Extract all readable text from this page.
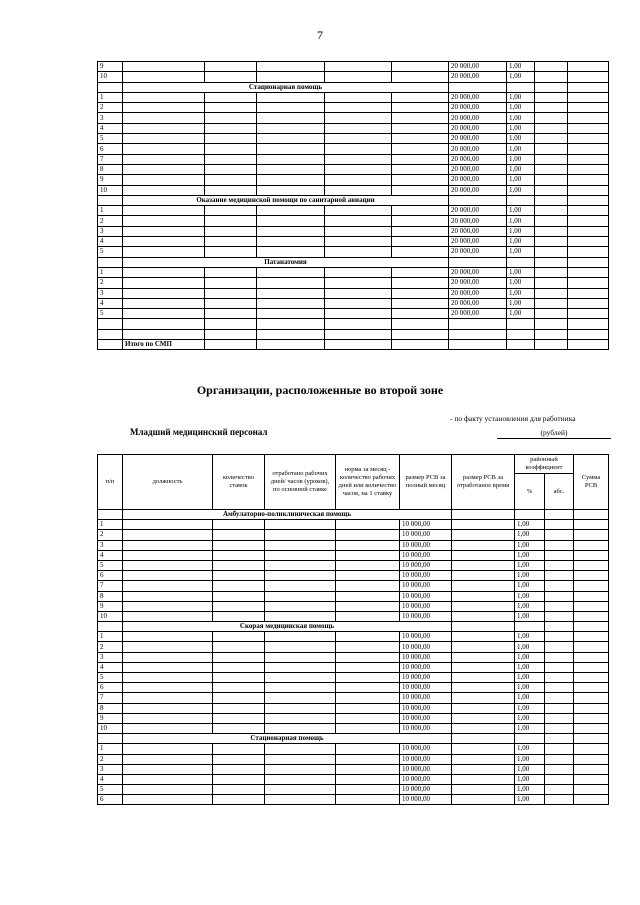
7
9						20 000,00	1,00		
10						20 000,00	1,00		
	Стационарная помощь								
1						20 000,00	1,00		
2						20 000,00	1,00		
3						20 000,00	1,00		
4						20 000,00	1,00		
5						20 000,00	1,00		
6						20 000,00	1,00		
7						20 000,00	1,00		
8						20 000,00	1,00		
9						20 000,00	1,00		
10						20 000,00	1,00		
	Оказание медицинской помощи по санитарной авиации								
1						20 000,00	1,00		
2						20 000,00	1,00		
3						20 000,00	1,00		
4						20 000,00	1,00		
5						20 000,00	1,00		
	Патанатомия								
1						20 000,00	1,00		
2						20 000,00	1,00		
3						20 000,00	1,00		
4						20 000,00	1,00		
5						20 000,00	1,00		

	Итого по СМП								
Организации, расположенные во второй зоне
- по факту установления для работника
Младший медицинский персонал	(рублей)
п/п	должность	количество ставок	отработано рабочих дней/ часов (уроков), по основной ставке	норма за месяц - количество рабочих дней или количество часов, на 1 ставку	размер РСВ за полный месяц	размер РСВ за отработаное время	районный коэффициент		Сумма РСВ
							%	абс.	
	Амбулаторно-поликлиническая помощь								
1					10 000,00		1,00		
2					10 000,00		1,00		
3					10 000,00		1,00		
4					10 000,00		1,00		
5					10 000,00		1,00		
6					10 000,00		1,00		
7					10 000,00		1,00		
8					10 000,00		1,00		
9					10 000,00		1,00		
10					10 000,00		1,00		
	Скорая медицинская помощь								
1					10 000,00		1,00		
2					10 000,00		1,00		
3					10 000,00		1,00		
4					10 000,00		1,00		
5					10 000,00		1,00		
6					10 000,00		1,00		
7					10 000,00		1,00		
8					10 000,00		1,00		
9					10 000,00		1,00		
10					10 000,00		1,00		
	Стационарная помощь								
1					10 000,00		1,00		
2					10 000,00		1,00		
3					10 000,00		1,00		
4					10 000,00		1,00		
5					10 000,00		1,00		
6					10 000,00		1,00		
